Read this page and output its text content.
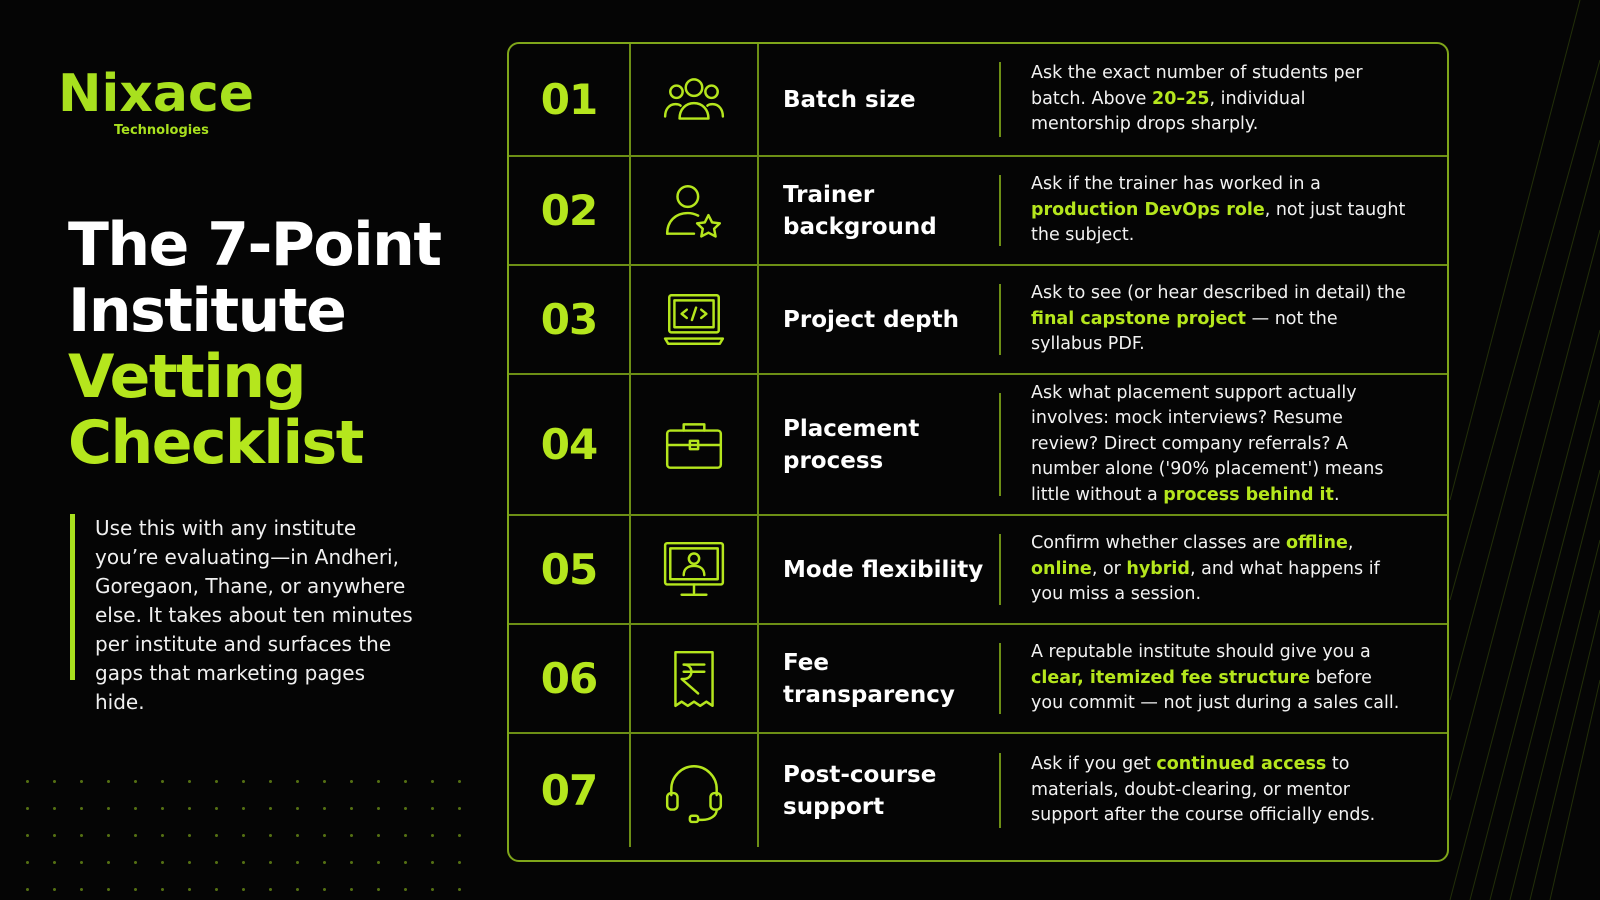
Nixace
Technologies
The 7-Point
Institute
Vetting
Checklist
Use this with any institute you’re evaluating—in Andheri, Goregaon, Thane, or anywhere else. It takes about ten minutes per institute and surfaces the gaps that marketing pages hide.
01	Batch size
Ask the exact number of students per batch. Above 20–25, individual mentorship drops sharply.
02	Trainer background
Ask if the trainer has worked in a production DevOps role, not just taught the subject.
03	Project depth
Ask to see (or hear described in detail) the final capstone project — not the syllabus PDF.
04	Placement process
Ask what placement support actually involves: mock interviews? Resume review? Direct company referrals? A number alone ('90% placement') means little without a process behind it.
05	Mode flexibility
Confirm whether classes are offline, online, or hybrid, and what happens if you miss a session.
06	Fee transparency
A reputable institute should give you a clear, itemized fee structure before you commit — not just during a sales call.
07	Post-course support
Ask if you get continued access to materials, doubt-clearing, or mentor support after the course officially ends.
